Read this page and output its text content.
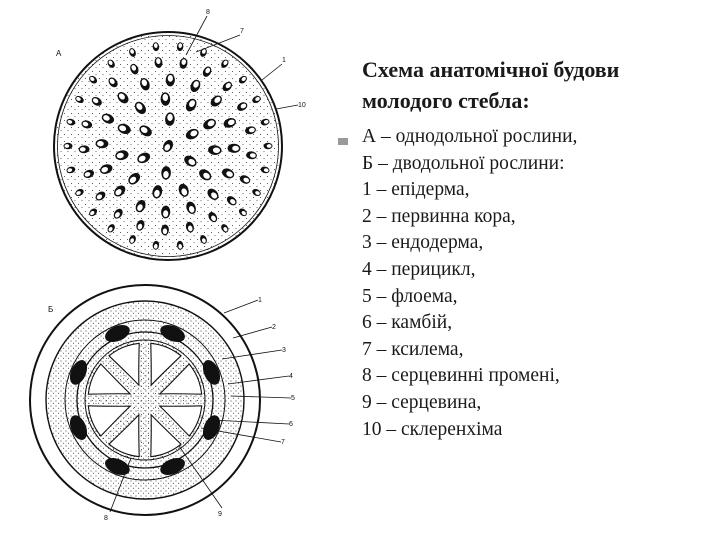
А
8
7
1
10
Б
1
2
3
4
5
6
7
8
9
Схема анатомічної будови
молодого стебла:
А – однодольної рослини,
Б – дводольної рослини:
1 – епідерма,
2 – первинна кора,
3 – ендодерма,
4 – перицикл,
5 – флоема,
6 – камбій,
7 – ксилема,
8 – серцевинні промені,
9 – серцевина,
10 – склеренхіма
